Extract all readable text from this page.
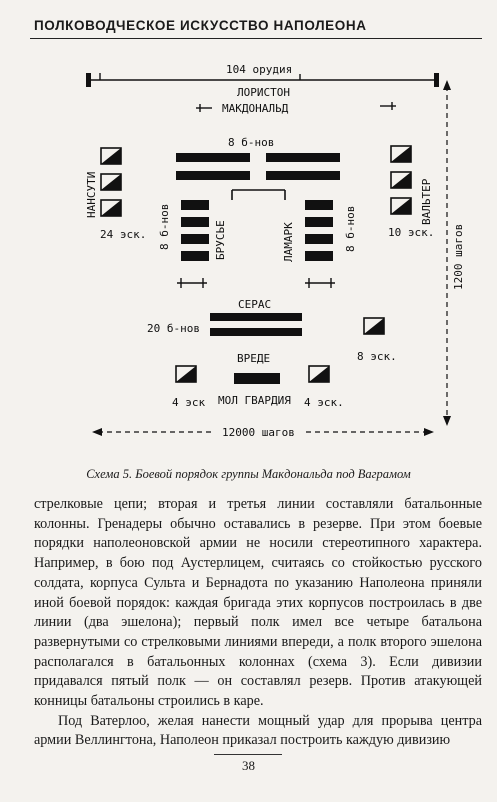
ПОЛКОВОДЧЕСКОЕ ИСКУССТВО НАПОЛЕОНА
104 орудия
ЛОРИСТОН
МАКДОНАЛЬД
8 б-нов
НАНСУТИ
24 эск. 8 б-нов	БРУСЬЕ	ЛАМАРК	8 б-нов
ВАЛЬТЕР
10 эск.
СЕРАС
20 б-нов
8 эск.
ВРЕДЕ
МОЛ ГВАРДИЯ
4 эск	4 эск.
1200 шагов
12000 шагов
Схема 5. Боевой порядок группы Макдональда под Ваграмом

стрелковые цепи; вторая и третья линии составляли батальонные колонны. Гренадеры обычно оставались в резерве. При этом боевые порядки наполеоновской армии не носили стереотипного характера. Например, в бою под Аустерлицем, считаясь со стойкостью русского солдата, корпуса Сульта и Бернадота по указанию Наполеона приняли иной боевой порядок: каждая бригада этих корпусов построилась в две линии (два эшелона); первый полк имел все четыре батальона развернутыми со стрелковыми линиями впереди, а полк второго эшелона располагался в батальонных колоннах (схема 3). Если дивизии придавался пятый полк — он составлял резерв. Против атакующей конницы батальоны строились в каре.

Под Ватерлоо, желая нанести мощный удар для прорыва центра армии Веллингтона, Наполеон приказал построить каждую дивизию

38
